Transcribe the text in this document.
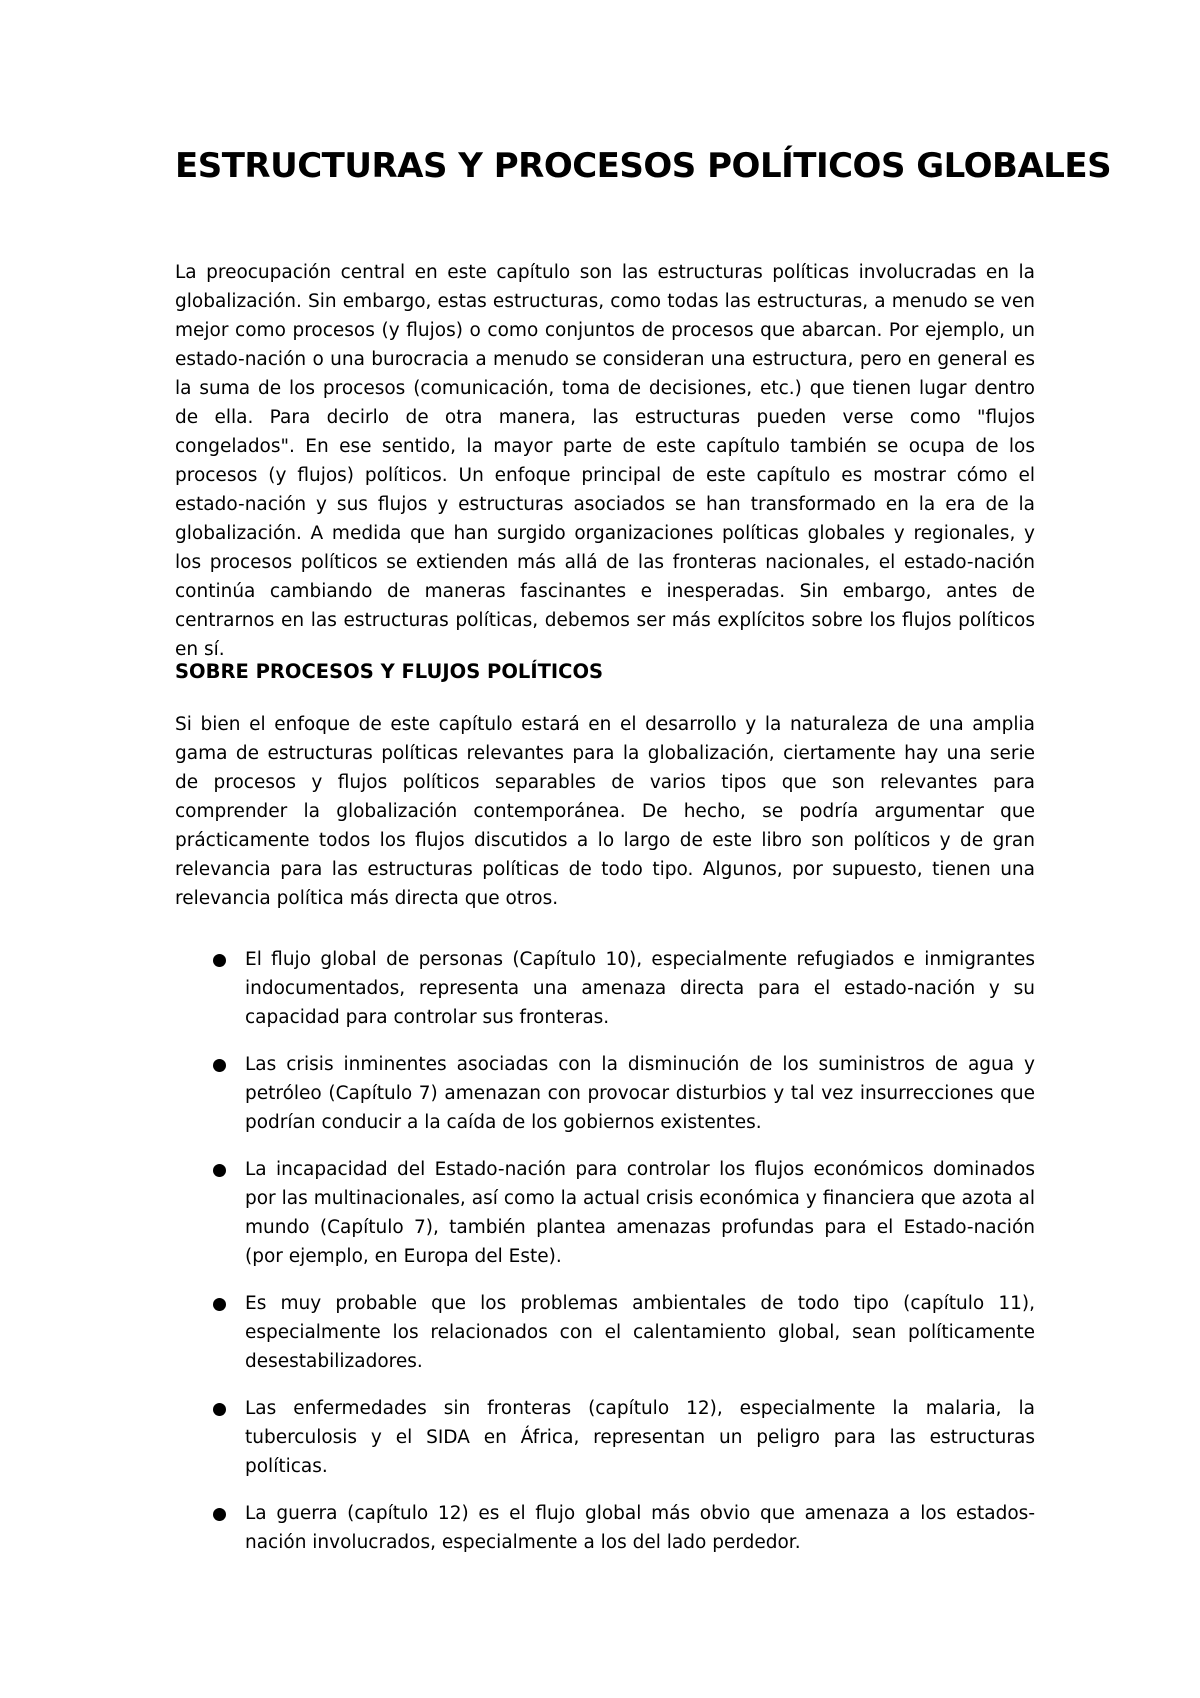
ESTRUCTURAS Y PROCESOS POLÍTICOS GLOBALES

La preocupación central en este capítulo son las estructuras políticas involucradas en la globalización. Sin embargo, estas estructuras, como todas las estructuras, a menudo se ven mejor como procesos (y flujos) o como conjuntos de procesos que abarcan. Por ejemplo, un estado-nación o una burocracia a menudo se consideran una estructura, pero en general es la suma de los procesos (comunicación, toma de decisiones, etc.) que tienen lugar dentro de ella. Para decirlo de otra manera, las estructuras pueden verse como "flujos congelados". En ese sentido, la mayor parte de este capítulo también se ocupa de los procesos (y flujos) políticos. Un enfoque principal de este capítulo es mostrar cómo el estado-nación y sus flujos y estructuras asociados se han transformado en la era de la globalización. A medida que han surgido organizaciones políticas globales y regionales, y los procesos políticos se extienden más allá de las fronteras nacionales, el estado-nación continúa cambiando de maneras fascinantes e inesperadas. Sin embargo, antes de centrarnos en las estructuras políticas, debemos ser más explícitos sobre los flujos políticos en sí.

SOBRE PROCESOS Y FLUJOS POLÍTICOS

Si bien el enfoque de este capítulo estará en el desarrollo y la naturaleza de una amplia gama de estructuras políticas relevantes para la globalización, ciertamente hay una serie de procesos y flujos políticos separables de varios tipos que son relevantes para comprender la globalización contemporánea. De hecho, se podría argumentar que prácticamente todos los flujos discutidos a lo largo de este libro son políticos y de gran relevancia para las estructuras políticas de todo tipo. Algunos, por supuesto, tienen una relevancia política más directa que otros.

El flujo global de personas (Capítulo 10), especialmente refugiados e inmigrantes indocumentados, representa una amenaza directa para el estado-nación y su capacidad para controlar sus fronteras.
Las crisis inminentes asociadas con la disminución de los suministros de agua y petróleo (Capítulo 7) amenazan con provocar disturbios y tal vez insurrecciones que podrían conducir a la caída de los gobiernos existentes.
La incapacidad del Estado-nación para controlar los flujos económicos dominados por las multinacionales, así como la actual crisis económica y financiera que azota al mundo (Capítulo 7), también plantea amenazas profundas para el Estado-nación (por ejemplo, en Europa del Este).
Es muy probable que los problemas ambientales de todo tipo (capítulo 11), especialmente los relacionados con el calentamiento global, sean políticamente desestabilizadores.
Las enfermedades sin fronteras (capítulo 12), especialmente la malaria, la tuberculosis y el SIDA en África, representan un peligro para las estructuras políticas.
La guerra (capítulo 12) es el flujo global más obvio que amenaza a los estados-nación involucrados, especialmente a los del lado perdedor.
